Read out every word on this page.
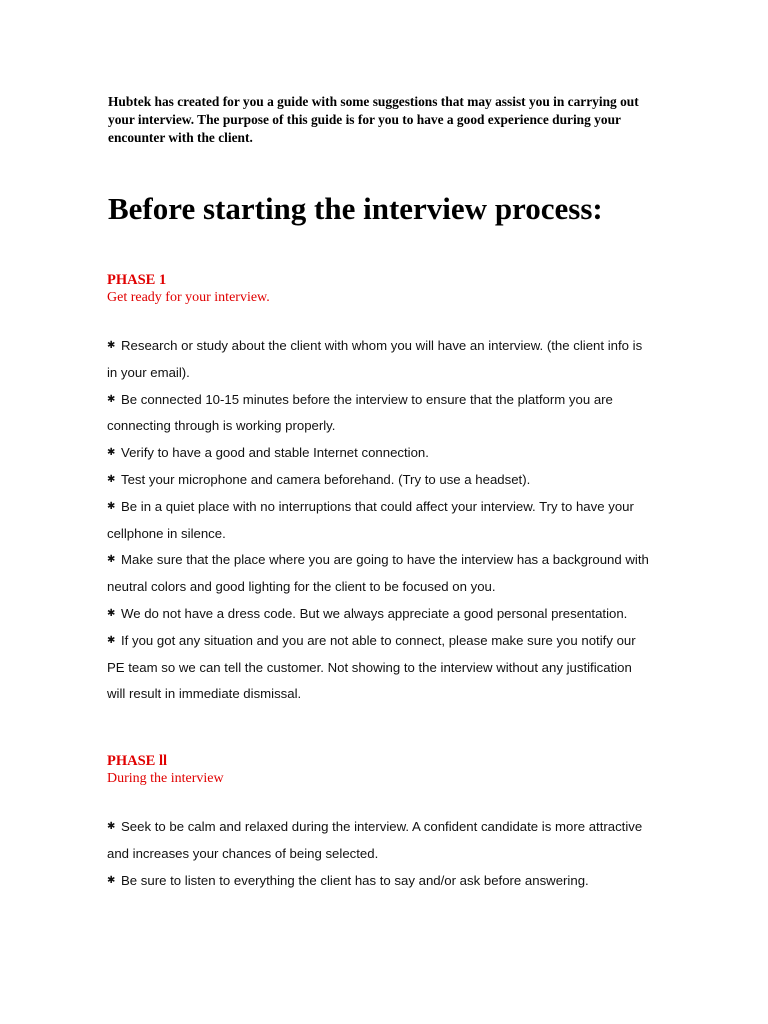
Hubtek has created for you a guide with some suggestions that may assist you in carrying out your interview. The purpose of this guide is for you to have a good experience during your encounter with the client.

Before starting the interview process:
PHASE 1

Get ready for your interview.

✱ Research or study about the client with whom you will have an interview. (the client info is in your email).
✱ Be connected 10-15 minutes before the interview to ensure that the platform you are connecting through is working properly.
✱ Verify to have a good and stable Internet connection.
✱ Test your microphone and camera beforehand. (Try to use a headset).
✱ Be in a quiet place with no interruptions that could affect your interview. Try to have your cellphone in silence.
✱ Make sure that the place where you are going to have the interview has a background with neutral colors and good lighting for the client to be focused on you.
✱ We do not have a dress code. But we always appreciate a good personal presentation.
✱ If you got any situation and you are not able to connect, please make sure you notify our PE team so we can tell the customer. Not showing to the interview without any justification will result in immediate dismissal.
PHASE ll

During the interview

✱ Seek to be calm and relaxed during the interview. A confident candidate is more attractive and increases your chances of being selected.
✱ Be sure to listen to everything the client has to say and/or ask before answering.
